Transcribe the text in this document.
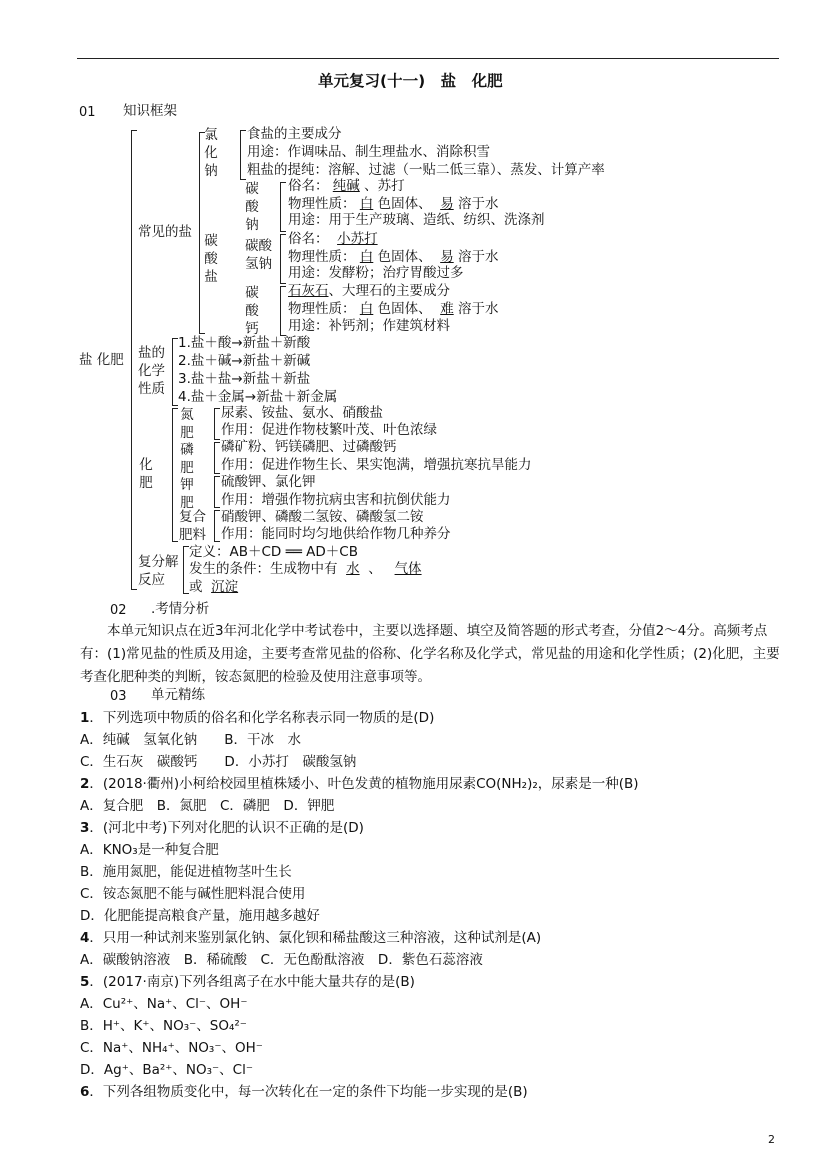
单元复习(十一)　盐　化肥
01 知识框架
盐 化肥
常见的盐
氯化钠
食盐的主要成分
用途：作调味品、制生理盐水、消除积雪
粗盐的提纯：溶解、过滤（一贴二低三靠）、蒸发、计算产率
碳酸钠
俗名： 纯碱 、苏打
物理性质： 白 色固体、 易 溶于水
用途：用于生产玻璃、造纸、纺织、洗涤剂
碳酸盐
碳酸
氢钠
俗名： 小苏打
物理性质： 白 色固体、 易 溶于水
用途：发酵粉；治疗胃酸过多
碳酸钙
石灰石、大理石的主要成分
物理性质： 白 色固体、 难 溶于水
用途：补钙剂；作建筑材料
盐的化学性质
1.盐＋酸→新盐＋新酸
2.盐＋碱→新盐＋新碱
3.盐＋盐→新盐＋新盐
4.盐＋金属→新盐＋新金属
化肥
氮肥
尿素、铵盐、氨水、硝酸盐
作用：促进作物枝繁叶茂、叶色浓绿
磷肥
磷矿粉、钙镁磷肥、过磷酸钙
作用：促进作物生长、果实饱满，增强抗寒抗旱能力
钾肥
硫酸钾、氯化钾
作用：增强作物抗病虫害和抗倒伏能力
复合
肥料
硝酸钾、磷酸二氢铵、磷酸氢二铵
作用：能同时均匀地供给作物几种养分
复分解反应
定义：AB＋CD ══ AD＋CB
发生的条件：生成物中有 水 、 气体
或 沉淀
02 .考情分析
本单元知识点在近3年河北化学中考试卷中，主要以选择题、填空及简答题的形式考查，分值2～4分。高频考点有：(1)常见盐的性质及用途，主要考查常见盐的俗称、化学名称及化学式，常见盐的用途和化学性质；(2)化肥，主要考查化肥种类的判断，铵态氮肥的检验及使用注意事项等。
03 单元精练
1．下列选项中物质的俗名和化学名称表示同一物质的是(D)
A．纯碱　氢氧化钠　　B．干冰　水
C．生石灰　碳酸钙　　D．小苏打　碳酸氢钠
2．(2018·衢州)小柯给校园里植株矮小、叶色发黄的植物施用尿素CO(NH₂)₂，尿素是一种(B)
A．复合肥　B．氮肥　C．磷肥　D．钾肥
3．(河北中考)下列对化肥的认识不正确的是(D)
A．KNO₃是一种复合肥
B．施用氮肥，能促进植物茎叶生长
C．铵态氮肥不能与碱性肥料混合使用
D．化肥能提高粮食产量，施用越多越好
4．只用一种试剂来鉴别氯化钠、氯化钡和稀盐酸这三种溶液，这种试剂是(A)
A．碳酸钠溶液　B．稀硫酸　C．无色酚酞溶液　D．紫色石蕊溶液
5．(2017·南京)下列各组离子在水中能大量共存的是(B)
A．Cu²⁺、Na⁺、Cl⁻、OH⁻
B．H⁺、K⁺、NO₃⁻、SO₄²⁻
C．Na⁺、NH₄⁺、NO₃⁻、OH⁻
D．Ag⁺、Ba²⁺、NO₃⁻、Cl⁻
6．下列各组物质变化中，每一次转化在一定的条件下均能一步实现的是(B)
2
